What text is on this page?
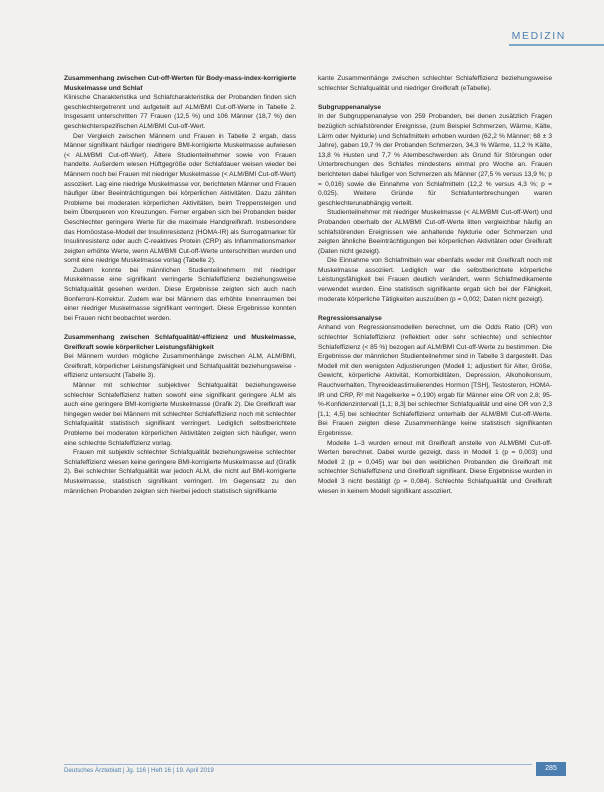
MEDIZIN
Zusammenhang zwischen Cut-off-Werten für Body-mass-index-korrigierte Muskelmasse und Schlaf

Klinische Charakteristika und Schlafcharakteristika der Probanden finden sich geschlechtergetrennt und aufgeteilt auf ALM/BMI Cut-off-Werte in Tabelle 2. Insgesamt unterschritten 77 Frauen (12,5 %) und 106 Männer (18,7 %) den geschlechterspezifischen ALM/BMI Cut-off-Wert.

Der Vergleich zwischen Männern und Frauen in Tabelle 2 ergab, dass Männer signifikant häufiger niedrigere BMI-korrigierte Muskelmasse aufwiesen (< ALM/BMI Cut-off-Wert). Ältere Studienteilnehmer sowie von Frauen handelte. Außerdem wiesen Hüftgegröße oder Schlafdauer weisen wieder bei Männern noch bei Frauen mit niedriger Muskelmasse (< ALM/BMI Cut-off-Wert) assoziiert. Lag eine niedrige Muskelmasse vor, berichteten Männer und Frauen häufiger über Beeinträchtigungen bei körperlichen Aktivitäten. Dazu zählten Probleme bei moderaten körperlichen Aktivitäten, beim Treppensteigen und beim Überqueren von Kreuzungen. Ferner ergaben sich bei Probanden beider Geschlechter geringere Werte für die maximale Handgreifkraft. Insbesondere das Homöostase-Modell der Insulinresistenz (HOMA-IR) als Surrogatmarker für Insulinresistenz oder auch C-reaktives Protein (CRP) als Inflammationsmarker zeigten erhöhte Werte, wenn ALM/BMI Cut-off-Werte unterschritten wurden und somit eine niedrige Muskelmasse vorlag (Tabelle 2).

Zudem konnte bei männlichen Studienteilnehmern mit niedriger Muskelmasse eine signifikant verringerte Schlafeffizienz beziehungsweise Schlafqualität gesehen werden. Diese Ergebnisse zeigten sich auch nach Bonferroni-Korrektur. Zudem war bei Männern das erhöhte Innenraumen bei einer niedriger Muskelmasse signifikant verringert. Diese Ergebnisse konnten bei Frauen nicht beobachtet werden.

Zusammenhang zwischen Schlafqualität/-effizienz und Muskelmasse, Greifkraft sowie körperlicher Leistungsfähigkeit

Bei Männern wurden mögliche Zusammenhänge zwischen ALM, ALM/BMI, Greifkraft, körperlicher Leistungsfähigkeit und Schlafqualität beziehungsweise -effizienz untersucht (Tabelle 3).

Männer mit schlechter subjektiver Schlafqualität beziehungsweise schlechter Schlafeffizienz hatten sowohl eine signifikant geringere ALM als auch eine geringere BMI-korrigierte Muskelmasse (Grafik 2). Die Greifkraft war hingegen weder bei Männern mit schlechter Schlafeffizienz noch mit schlechter Schlafqualität statistisch signifikant verringert. Lediglich selbstberichtete Probleme bei moderaten körperlichen Aktivitäten zeigten sich häufiger, wenn eine schlechte Schlafeffizienz vorlag.

Frauen mit subjektiv schlechter Schlafqualität beziehungsweise schlechter Schlafeffizienz wiesen keine geringere BMI-korrigierte Muskelmasse auf (Grafik 2). Bei schlechter Schlafqualität war jedoch ALM, die nicht auf BMI-korrigierte Muskelmasse, statistisch signifikant verringert. Im Gegensatz zu den männlichen Probanden zeigten sich hierbei jedoch statistisch signifikante

kante Zusammenhänge zwischen schlechter Schlafeffizienz beziehungsweise schlechter Schlafqualität und niedriger Greifkraft (eTabelle).

Subgruppenanalyse

In der Subgruppenanalyse von 259 Probanden, bei denen zusätzlich Fragen bezüglich schlafstörender Ereignisse, (zum Beispiel Schmerzen, Wärme, Kälte, Lärm oder Nykturie) und Schlafmitteln erhoben wurden (62,2 % Männer; 68 ± 3 Jahre), gaben 19,7 % der Probanden Schmerzen, 34,3 % Wärme, 11,2 % Kälte, 13,8 % Husten und 7,7 % Atembeschwerden als Grund für Störungen oder Unterbrechungen des Schlafes mindestens einmal pro Woche an. Frauen berichteten dabei häufiger von Schmerzen als Männer (27,5 % versus 13,9 %; p = 0,016) sowie die Einnahme von Schlafmitteln (12,2 % versus 4,3 %; p = 0,025). Weitere Gründe für Schlafunterbrechungen waren geschlechterunabhängig verteilt.

Studienteilnehmer mit niedriger Muskelmasse (< ALM/BMI Cut-off-Wert) und Probanden oberhalb der ALM/BMI Cut-off-Werte litten vergleichbar häufig an schlafstörenden Ereignissen wie anhaltende Nykturie oder Schmerzen und zeigten ähnliche Beeinträchtigungen bei körperlichen Aktivitäten oder Greifkraft (Daten nicht gezeigt).

Die Einnahme von Schlafmitteln war ebenfalls weder mit Greifkraft noch mit Muskelmasse assoziiert. Lediglich war die selbstberichtete körperliche Leistungsfähigkeit bei Frauen deutlich verändert, wenn Schlafmedikamente verwendet wurden. Eine statistisch signifikante ergab sich bei der Fähigkeit, moderate körperliche Tätigkeiten auszuüben (p = 0,002; Daten nicht gezeigt).

Regressionsanalyse

Anhand von Regressionsmodellen berechnet, um die Odds Ratio (OR) von schlechter Schlafeffizienz (reflektiert oder sehr schlechte) und schlechter Schlafeffizienz (< 85 %) bezogen auf ALM/BMI Cut-off-Werte zu bestimmen. Die Ergebnisse der männlichen Studienteilnehmer sind in Tabelle 3 dargestellt. Das Modell mit den wenigsten Adjustierungen (Modell 1; adjustiert für Alter, Größe, Gewicht, körperliche Aktivität, Komorbiditäten, Depression, Alkoholkonsum, Rauchverhalten, Thyreoideastimulierendes Hormon [TSH], Testosteron, HOMA-IR und CRP, R² mit Nagelkerke = 0,190) ergab für Männer eine OR von 2,8; 95-%-Konfidenzintervall [1,1; 8,3] bei schlechter Schlafqualität und eine OR von 2,3 [1,1; 4,5] bei schlechter Schlafeffizienz unterhalb der ALM/BMI Cut-off-Werte. Bei Frauen zeigten diese Zusammenhänge keine statistisch signifikanten Ergebnisse.

Modelle 1–3 wurden erneut mit Greifkraft anstelle von ALM/BMI Cut-off-Werten berechnet. Dabei wurde gezeigt, dass in Modell 1 (p = 0,003) und Modell 2 (p = 0,045) war bei den weiblichen Probanden die Greifkraft mit schlechter Schlafeffizienz und Greifkraft signifikant. Diese Ergebnisse wurden in Modell 3 nicht bestätigt (p = 0,084). Schlechte Schlafqualität und Greifkraft wiesen in keinem Modell signifikant assoziiert.

Deutsches Ärzteblatt | Jg. 116 | Heft 16 | 19. April 2019	285
